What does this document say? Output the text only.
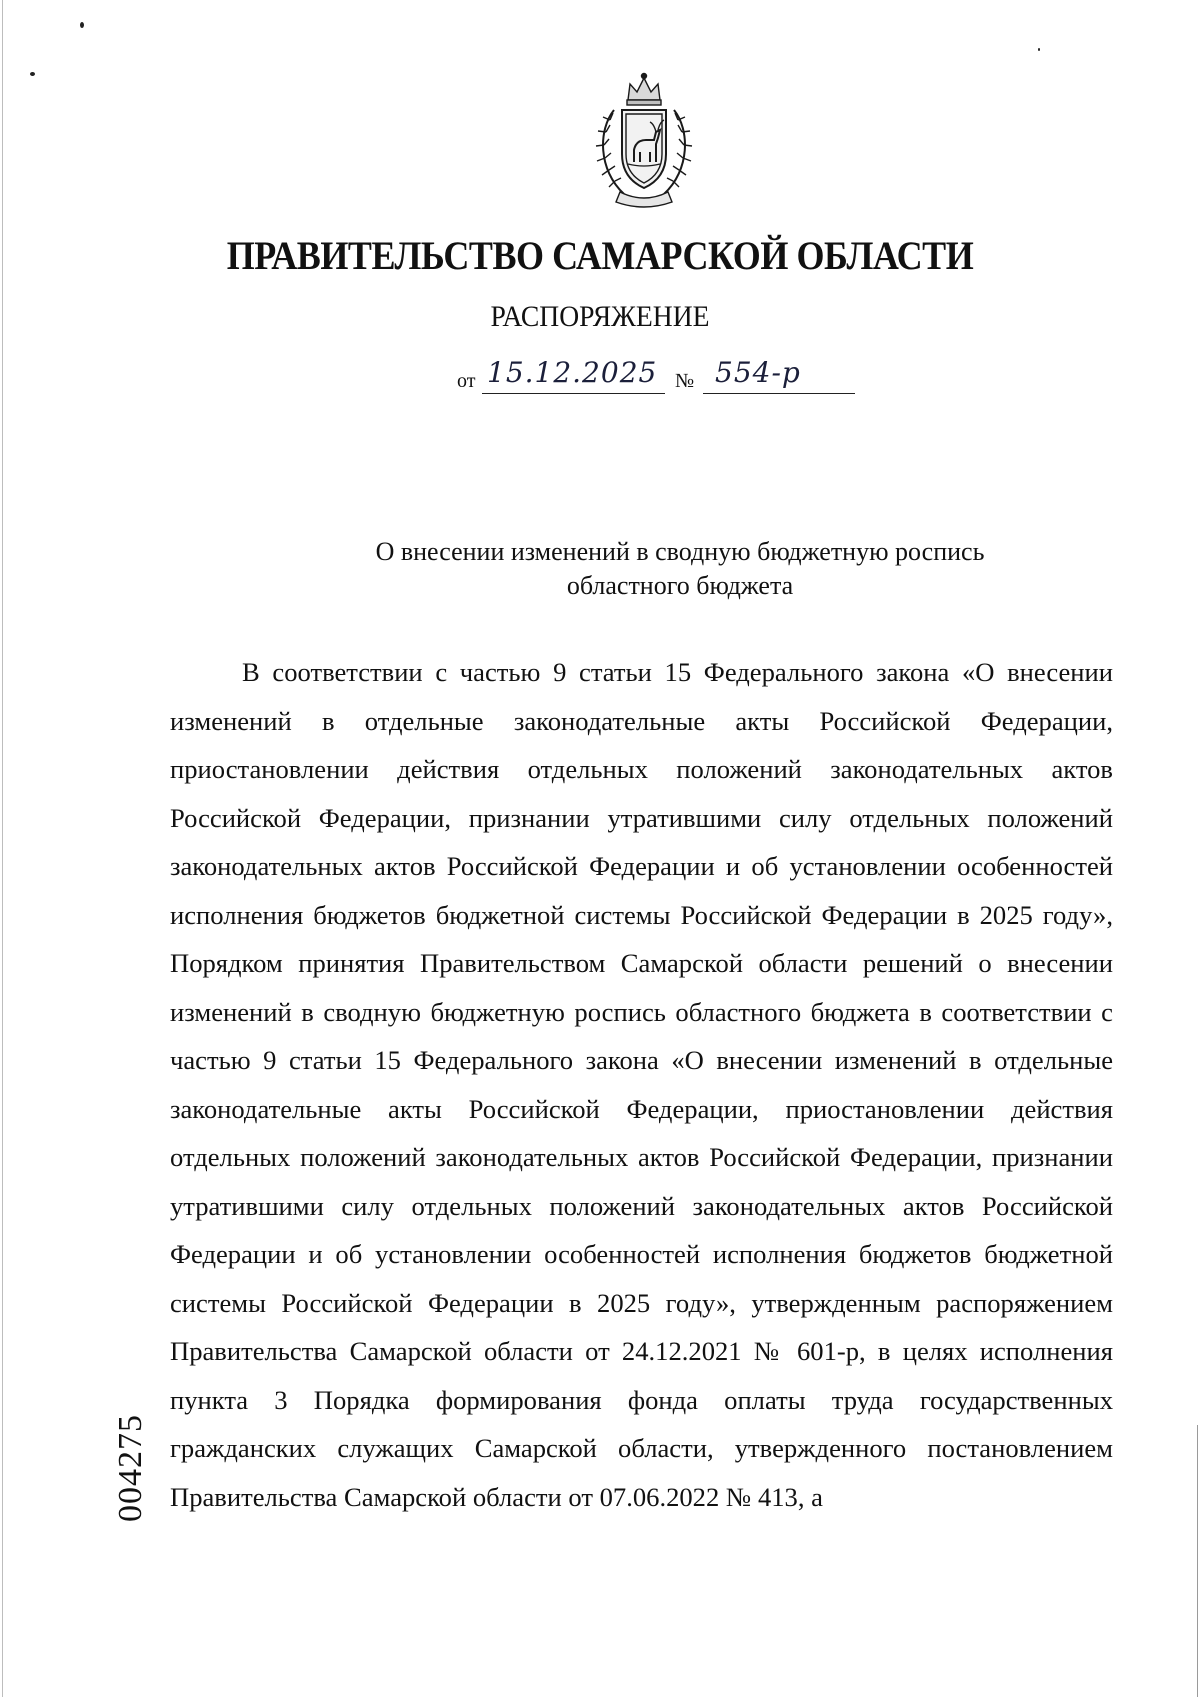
ПРАВИТЕЛЬСТВО САМАРСКОЙ ОБЛАСТИ
РАСПОРЯЖЕНИЕ
от 15.12.2025 № 554-р
О внесении изменений в сводную бюджетную роспись
областного бюджета
В соответствии с частью 9 статьи 15 Федерального закона «О внесении изменений в отдельные законодательные акты Российской Федерации, приостановлении действия отдельных положений законодательных актов Российской Федерации, признании утратившими силу отдельных положений законодательных актов Российской Федерации и об установлении особенностей исполнения бюджетов бюджетной системы Российской Федерации в 2025 году», Порядком принятия Правительством Самарской области решений о внесении изменений в сводную бюджетную роспись областного бюджета в соответствии с частью 9 статьи 15 Федерального закона «О внесении изменений в отдельные законодательные акты Российской Федерации, приостановлении действия отдельных положений законодательных актов Российской Федерации, признании утратившими силу отдельных положений законодательных актов Российской Федерации и об установлении особенностей исполнения бюджетов бюджетной системы Российской Федерации в 2025 году», утвержденным распоряжением Правительства Самарской области от 24.12.2021 № 601-р, в целях исполнения пункта 3 Порядка формирования фонда оплаты труда государственных гражданских служащих Самарской области, утвержденного постановлением Правительства Самарской области от 07.06.2022 № 413, а
004275
